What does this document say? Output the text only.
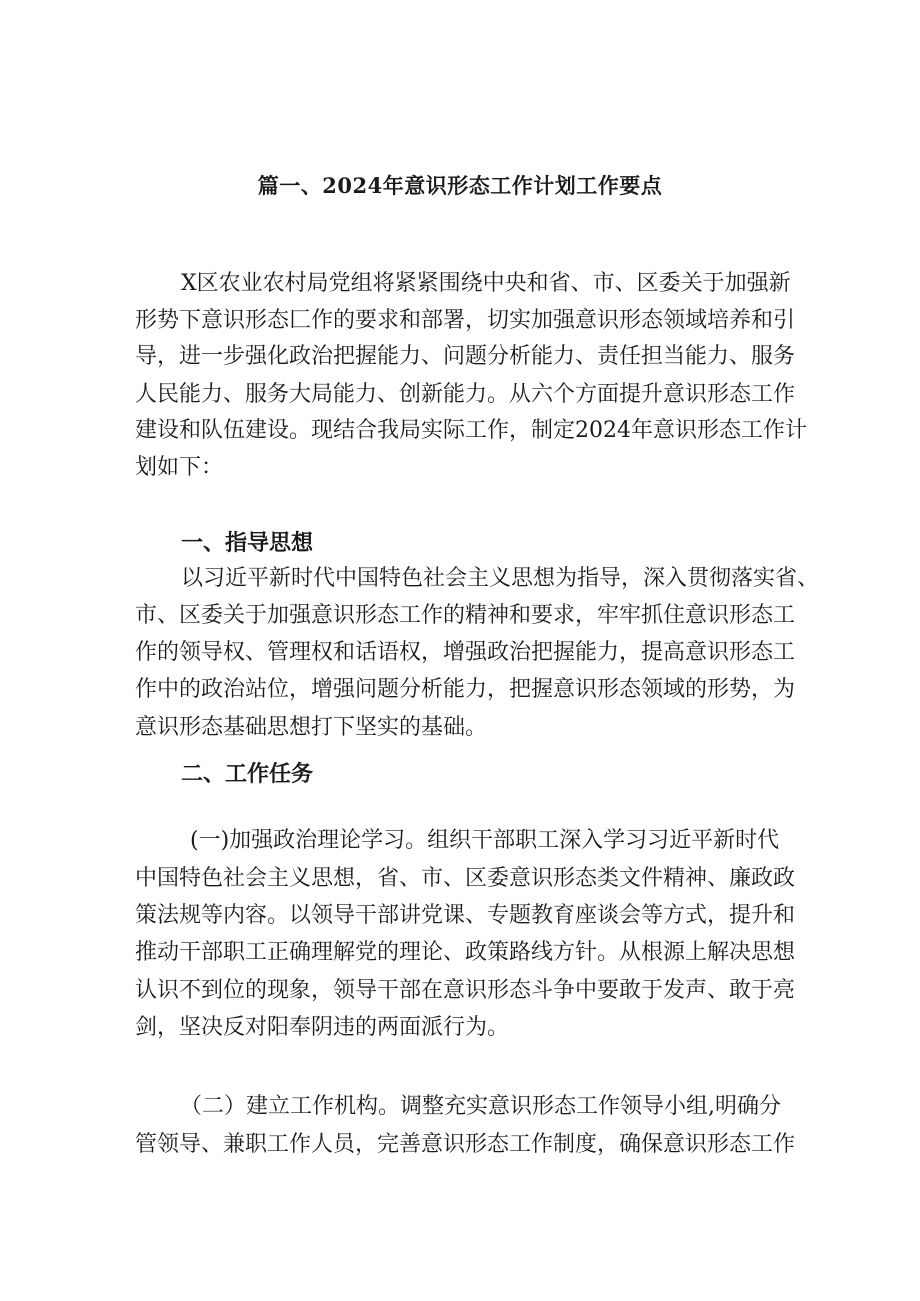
篇一、2024年意识形态工作计划工作要点
X区农业农村局党组将紧紧围绕中央和省、市、区委关于加强新
形势下意识形态匚作的要求和部署，切实加强意识形态领域培养和引
导，进一步强化政治把握能力、问题分析能力、责任担当能力、服务
人民能力、服务大局能力、创新能力。从六个方面提升意识形态工作
建设和队伍建设。现结合我局实际工作，制定2024年意识形态工作计
划如下：
一、指导思想
以习近平新时代中国特色社会主义思想为指导，深入贯彻落实省、
市、区委关于加强意识形态工作的精神和要求，牢牢抓住意识形态工
作的领导权、管理权和话语权，增强政治把握能力，提高意识形态工
作中的政治站位，增强问题分析能力，把握意识形态领域的形势，为
意识形态基础思想打下坚实的基础。
二、工作任务
(一)加强政治理论学习。组织干部职工深入学习习近平新时代
中国特色社会主义思想，省、市、区委意识形态类文件精神、廉政政
策法规等内容。以领导干部讲党课、专题教育座谈会等方式，提升和
推动干部职工正确理解党的理论、政策路线方针。从根源上解决思想
认识不到位的现象，领导干部在意识形态斗争中要敢于发声、敢于亮
剑，坚决反对阳奉阴违的两面派行为。
（二）建立工作机构。调整充实意识形态工作领导小组,明确分
管领导、兼职工作人员，完善意识形态工作制度，确保意识形态工作
